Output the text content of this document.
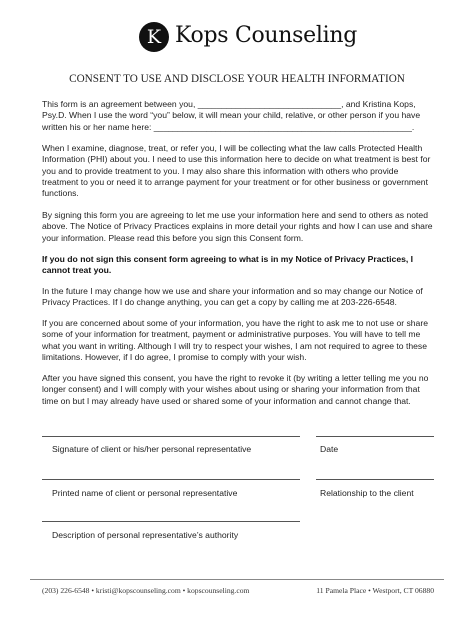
K Kops Counseling
CONSENT TO USE AND DISCLOSE YOUR HEALTH INFORMATION

This form is an agreement between you, ______________________________, and Kristina Kops, Psy.D. When I use the word “you” below, it will mean your child, relative, or other person if you have written his or her name here: ______________________________________________________.

When I examine, diagnose, treat, or refer you, I will be collecting what the law calls Protected Health Information (PHI) about you. I need to use this information here to decide on what treatment is best for you and to provide treatment to you. I may also share this information with others who provide treatment to you or need it to arrange payment for your treatment or for other business or government functions.

By signing this form you are agreeing to let me use your information here and send to others as noted above. The Notice of Privacy Practices explains in more detail your rights and how I can use and share your information. Please read this before you sign this Consent form.

If you do not sign this consent form agreeing to what is in my Notice of Privacy Practices, I cannot treat you.

In the future I may change how we use and share your information and so may change our Notice of Privacy Practices. If I do change anything, you can get a copy by calling me at 203-226-6548.

If you are concerned about some of your information, you have the right to ask me to not use or share some of your information for treatment, payment or administrative purposes. You will have to tell me what you want in writing. Although I will try to respect your wishes, I am not required to agree to these limitations. However, if I do agree, I promise to comply with your wish.

After you have signed this consent, you have the right to revoke it (by writing a letter telling me you no longer consent) and I will comply with your wishes about using or sharing your information from that time on but I may already have used or shared some of your information and cannot change that.

Signature of client or his/her personal representative	Date
Printed name of client or personal representative	Relationship to the client
Description of personal representative’s authority
(203) 226-6548 • kristi@kopscounseling.com • kopscounseling.com	11 Pamela Place • Westport, CT 06880
